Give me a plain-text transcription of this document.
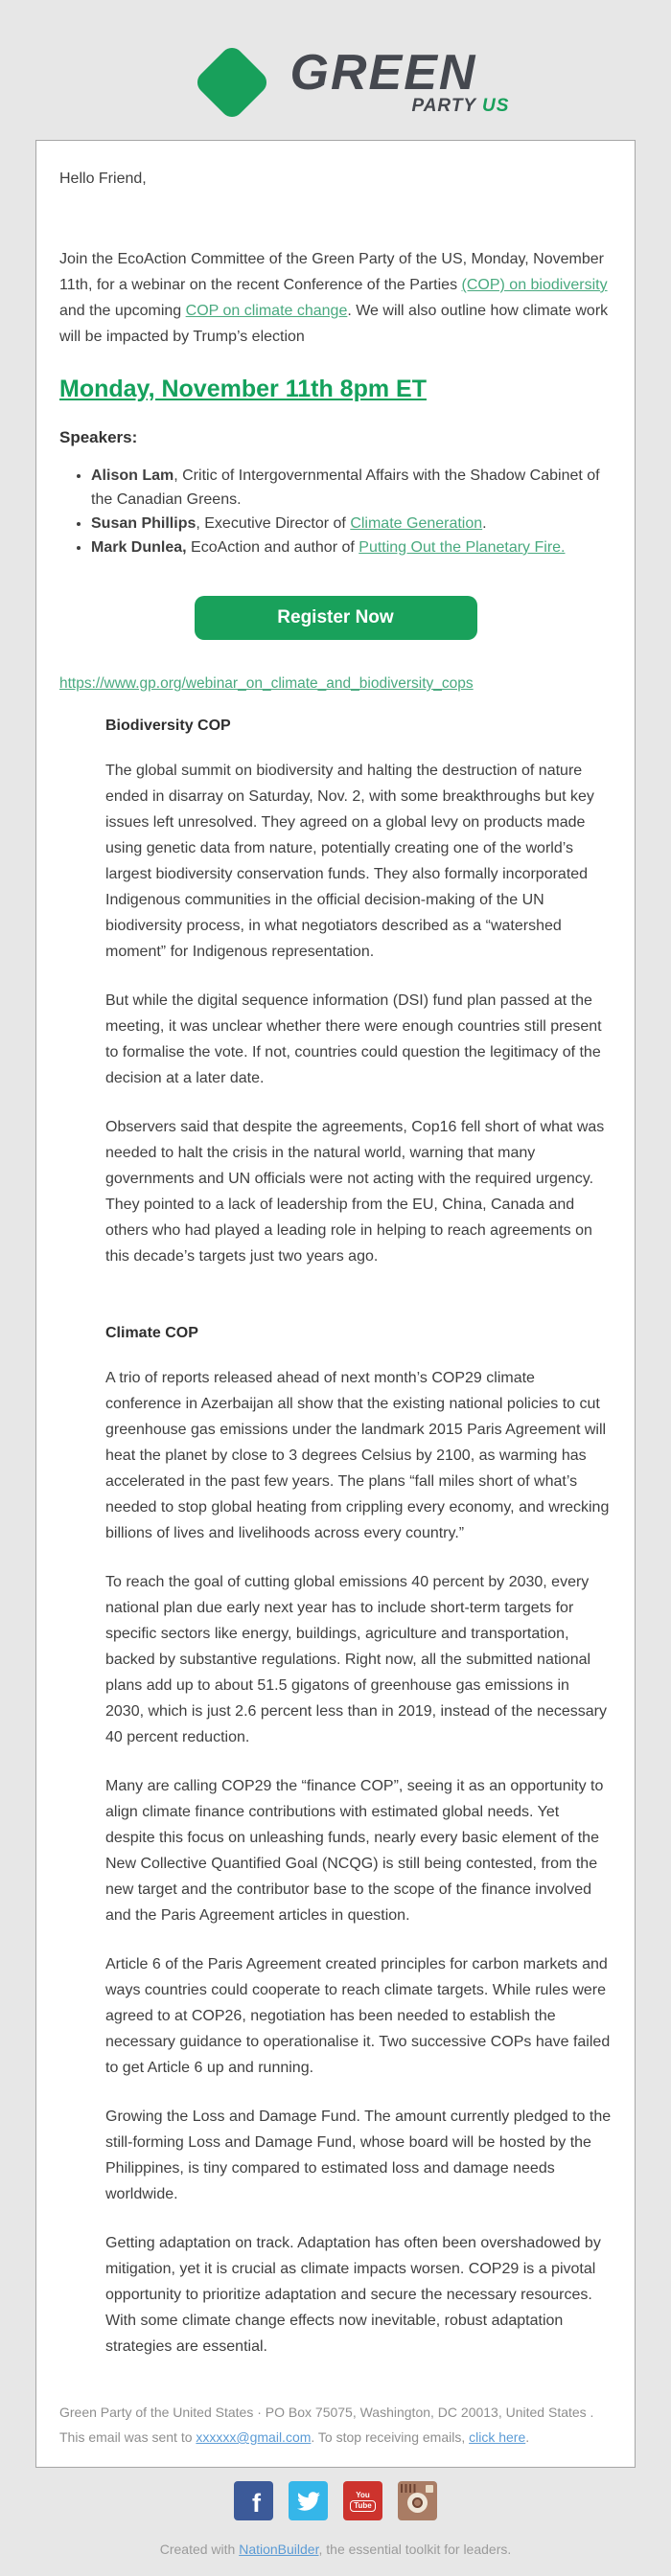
GREEN
PARTY US

Hello Friend,

Join the EcoAction Committee of the Green Party of the US, Monday, November 11th, for a webinar on the recent Conference of the Parties (COP) on biodiversity and the upcoming COP on climate change. We will also outline how climate work will be impacted by Trump’s election

Monday, November 11th 8pm ET
Speakers:
• Alison Lam, Critic of Intergovernmental Affairs with the Shadow Cabinet of the Canadian Greens.
• Susan Phillips, Executive Director of Climate Generation.
• Mark Dunlea, EcoAction and author of Putting Out the Planetary Fire.
Register Now

https://www.gp.org/webinar_on_climate_and_biodiversity_cops

Biodiversity COP

The global summit on biodiversity and halting the destruction of nature ended in disarray on Saturday, Nov. 2, with some breakthroughs but key issues left unresolved. They agreed on a global levy on products made using genetic data from nature, potentially creating one of the world’s largest biodiversity conservation funds. They also formally incorporated Indigenous communities in the official decision-making of the UN biodiversity process, in what negotiators described as a “watershed moment” for Indigenous representation.

But while the digital sequence information (DSI) fund plan passed at the meeting, it was unclear whether there were enough countries still present to formalise the vote. If not, countries could question the legitimacy of the decision at a later date.

Observers said that despite the agreements, Cop16 fell short of what was needed to halt the crisis in the natural world, warning that many governments and UN officials were not acting with the required urgency. They pointed to a lack of leadership from the EU, China, Canada and others who had played a leading role in helping to reach agreements on this decade’s targets just two years ago.

Climate COP

A trio of reports released ahead of next month’s COP29 climate conference in Azerbaijan all show that the existing national policies to cut greenhouse gas emissions under the landmark 2015 Paris Agreement will heat the planet by close to 3 degrees Celsius by 2100, as warming has accelerated in the past few years. The plans “fall miles short of what’s needed to stop global heating from crippling every economy, and wrecking billions of lives and livelihoods across every country.”

To reach the goal of cutting global emissions 40 percent by 2030, every national plan due early next year has to include short-term targets for specific sectors like energy, buildings, agriculture and transportation, backed by substantive regulations. Right now, all the submitted national plans add up to about 51.5 gigatons of greenhouse gas emissions in 2030, which is just 2.6 percent less than in 2019, instead of the necessary 40 percent reduction.

Many are calling COP29 the “finance COP”, seeing it as an opportunity to align climate finance contributions with estimated global needs. Yet despite this focus on unleashing funds, nearly every basic element of the New Collective Quantified Goal (NCQG) is still being contested, from the new target and the contributor base to the scope of the finance involved and the Paris Agreement articles in question.

Article 6 of the Paris Agreement created principles for carbon markets and ways countries could cooperate to reach climate targets. While rules were agreed to at COP26, negotiation has been needed to establish the necessary guidance to operationalise it. Two successive COPs have failed to get Article 6 up and running.

Growing the Loss and Damage Fund. The amount currently pledged to the still-forming Loss and Damage Fund, whose board will be hosted by the Philippines, is tiny compared to estimated loss and damage needs worldwide.

Getting adaptation on track. Adaptation has often been overshadowed by mitigation, yet it is crucial as climate impacts worsen. COP29 is a pivotal opportunity to prioritize adaptation and secure the necessary resources. With some climate change effects now inevitable, robust adaptation strategies are essential.

Green Party of the United States · PO Box 75075, Washington, DC 20013, United States . This email was sent to xxxxxx@gmail.com. To stop receiving emails, click here.

f	You
Tube

Created with NationBuilder, the essential toolkit for leaders.
